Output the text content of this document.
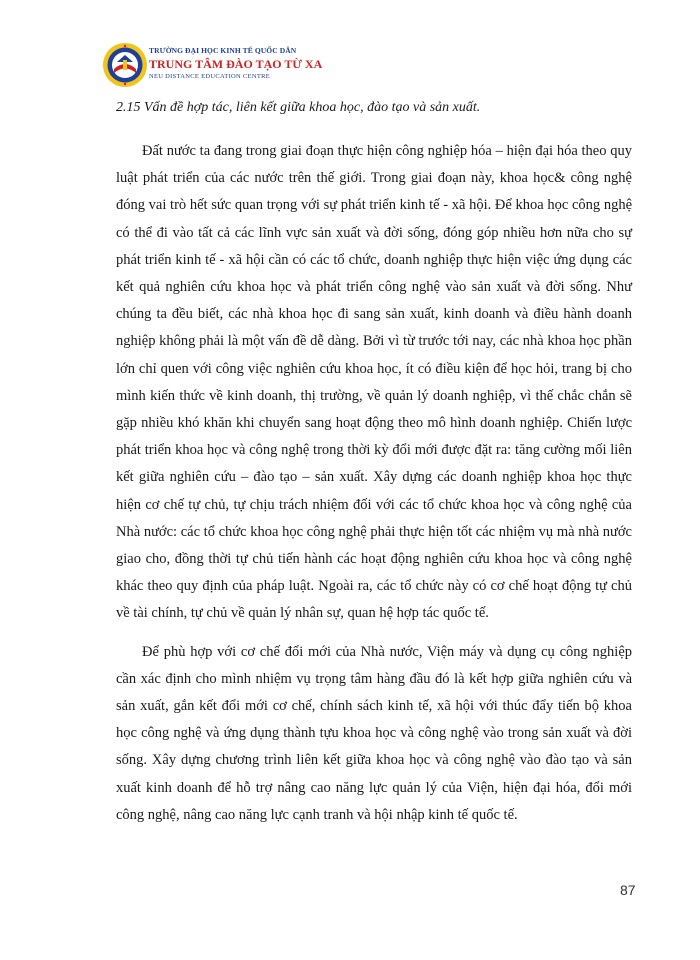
TRƯỜNG ĐẠI HỌC KINH TẾ QUỐC DÂN
TRUNG TÂM ĐÀO TẠO TỪ XA
NEU DISTANCE EDUCATION CENTRE
2.15 Vấn đề hợp tác, liên kết giữa khoa học, đào tạo và sản xuất.

Đất nước ta đang trong giai đoạn thực hiện công nghiệp hóa – hiện đại hóa theo quy luật phát triển của các nước trên thế giới. Trong giai đoạn này, khoa học& công nghệ đóng vai trò hết sức quan trọng với sự phát triển kinh tế - xã hội. Để khoa học công nghệ có thể đi vào tất cả các lĩnh vực sản xuất và đời sống, đóng góp nhiều hơn nữa cho sự phát triển kinh tế - xã hội cần có các tổ chức, doanh nghiệp thực hiện việc ứng dụng các kết quả nghiên cứu khoa học và phát triển công nghệ vào sản xuất và đời sống. Như chúng ta đều biết, các nhà khoa học đi sang sản xuất, kinh doanh và điều hành doanh nghiệp không phải là một vấn đề dễ dàng. Bởi vì từ trước tới nay, các nhà khoa học phần lớn chỉ quen với công việc nghiên cứu khoa học, ít có điều kiện để học hỏi, trang bị cho mình kiến thức về kinh doanh, thị trường, về quản lý doanh nghiệp, vì thế chắc chắn sẽ gặp nhiều khó khăn khi chuyển sang hoạt động theo mô hình doanh nghiệp. Chiến lược phát triển khoa học và công nghệ trong thời kỳ đổi mới được đặt ra: tăng cường mối liên kết giữa nghiên cứu – đào tạo – sản xuất. Xây dựng các doanh nghiệp khoa học thực hiện cơ chế tự chủ, tự chịu trách nhiệm đối với các tổ chức khoa học và công nghệ của Nhà nước: các tổ chức khoa học công nghệ phải thực hiện tốt các nhiệm vụ mà nhà nước giao cho, đồng thời tự chủ tiến hành các hoạt động nghiên cứu khoa học và công nghệ khác theo quy định của pháp luật. Ngoài ra, các tổ chức này có cơ chế hoạt động tự chủ về tài chính, tự chủ về quản lý nhân sự, quan hệ hợp tác quốc tế.

Để phù hợp với cơ chế đổi mới của Nhà nước, Viện máy và dụng cụ công nghiệp cần xác định cho mình nhiệm vụ trọng tâm hàng đầu đó là kết hợp giữa nghiên cứu và sản xuất, gắn kết đổi mới cơ chế, chính sách kinh tế, xã hội với thúc đẩy tiến bộ khoa học công nghệ và ứng dụng thành tựu khoa học và công nghệ vào trong sản xuất và đời sống. Xây dựng chương trình liên kết giữa khoa học và công nghệ vào đào tạo và sản xuất kinh doanh để hỗ trợ nâng cao năng lực quản lý của Viện, hiện đại hóa, đổi mới công nghệ, nâng cao năng lực cạnh tranh và hội nhập kinh tế quốc tế.

87
